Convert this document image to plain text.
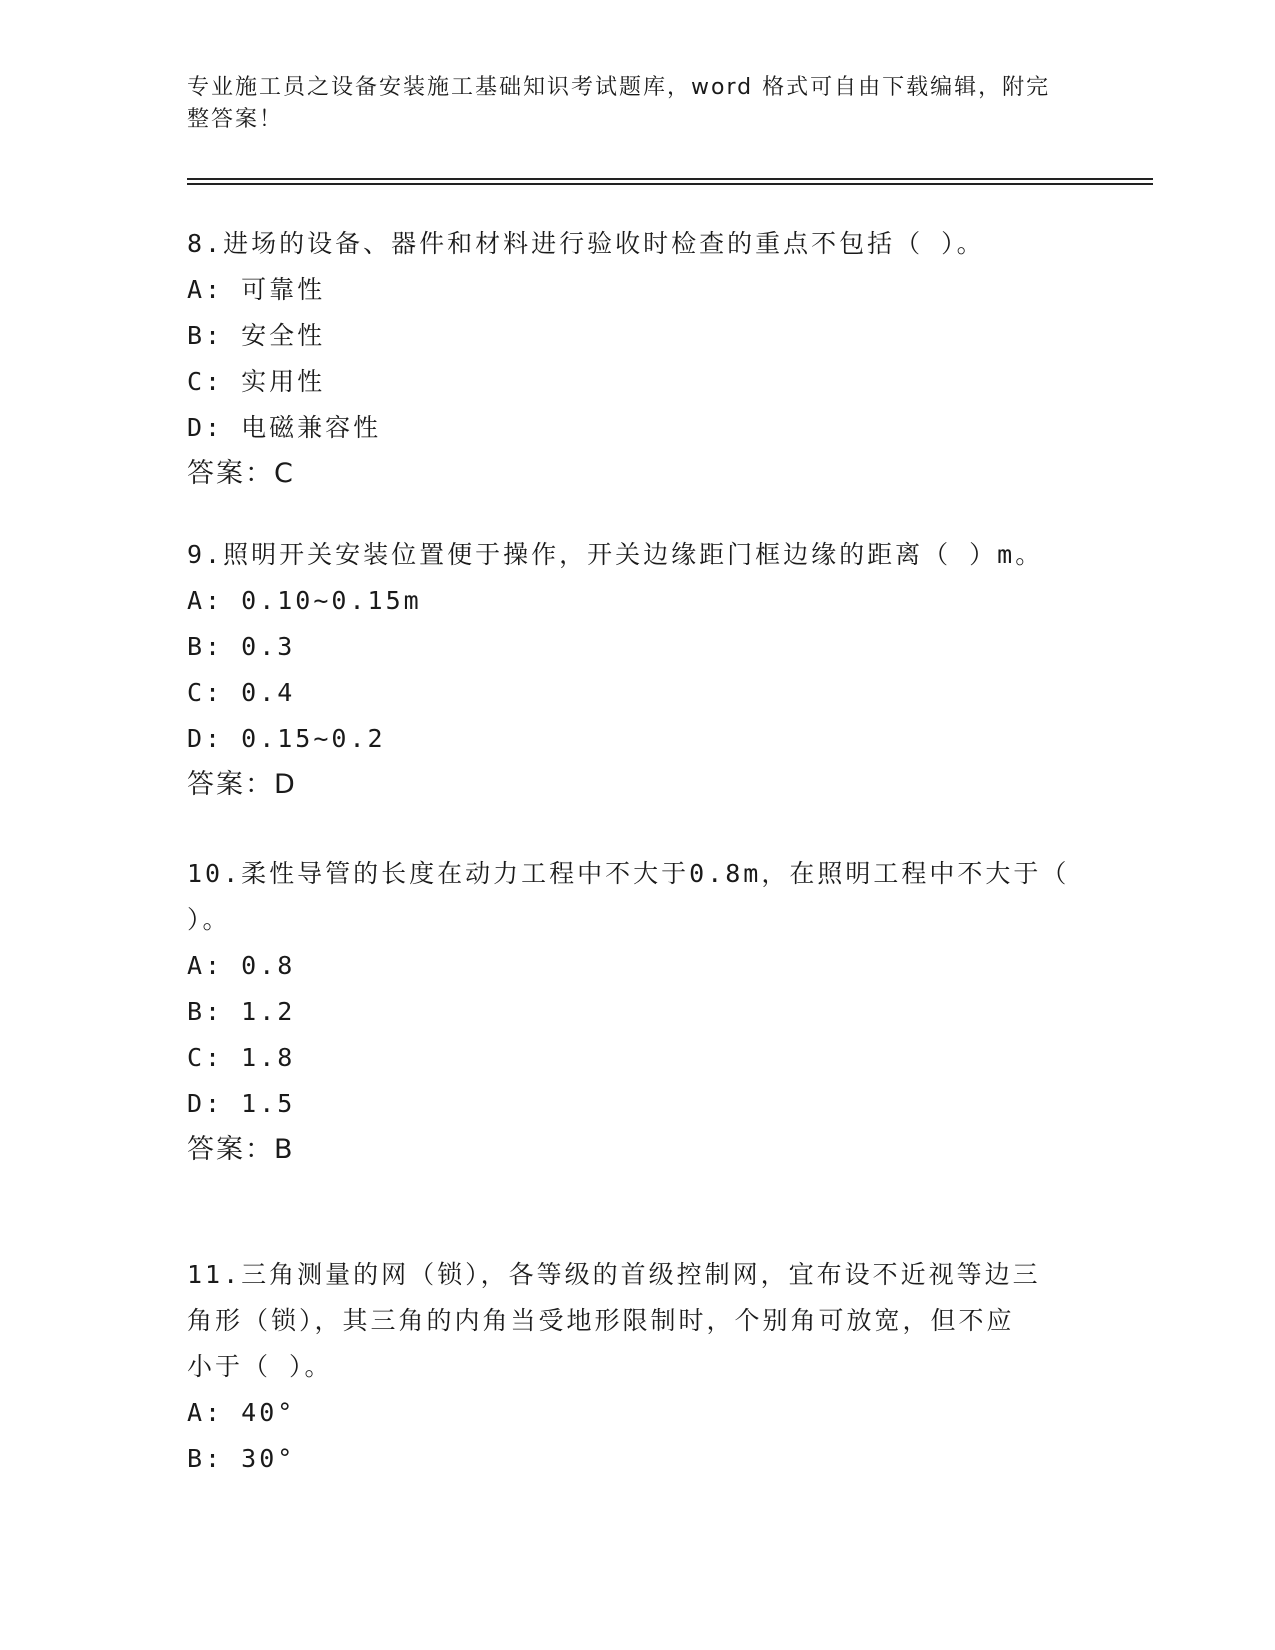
专业施工员之设备安装施工基础知识考试题库，word 格式可自由下载编辑，附完
整答案！

8.进场的设备、器件和材料进行验收时检查的重点不包括（ ）。

A: 可靠性

B: 安全性

C: 实用性

D: 电磁兼容性

答案：C

9.照明开关安装位置便于操作，开关边缘距门框边缘的距离（ ）m。

A: 0.10~0.15m

B: 0.3

C: 0.4

D: 0.15~0.2

答案：D

10.柔性导管的长度在动力工程中不大于0.8m，在照明工程中不大于（

）。

A: 0.8

B: 1.2

C: 1.8

D: 1.5

答案：B

11.三角测量的网（锁），各等级的首级控制网，宜布设不近视等边三

角形（锁），其三角的内角当受地形限制时，个别角可放宽，但不应

小于（ ）。

A: 40°

B: 30°
